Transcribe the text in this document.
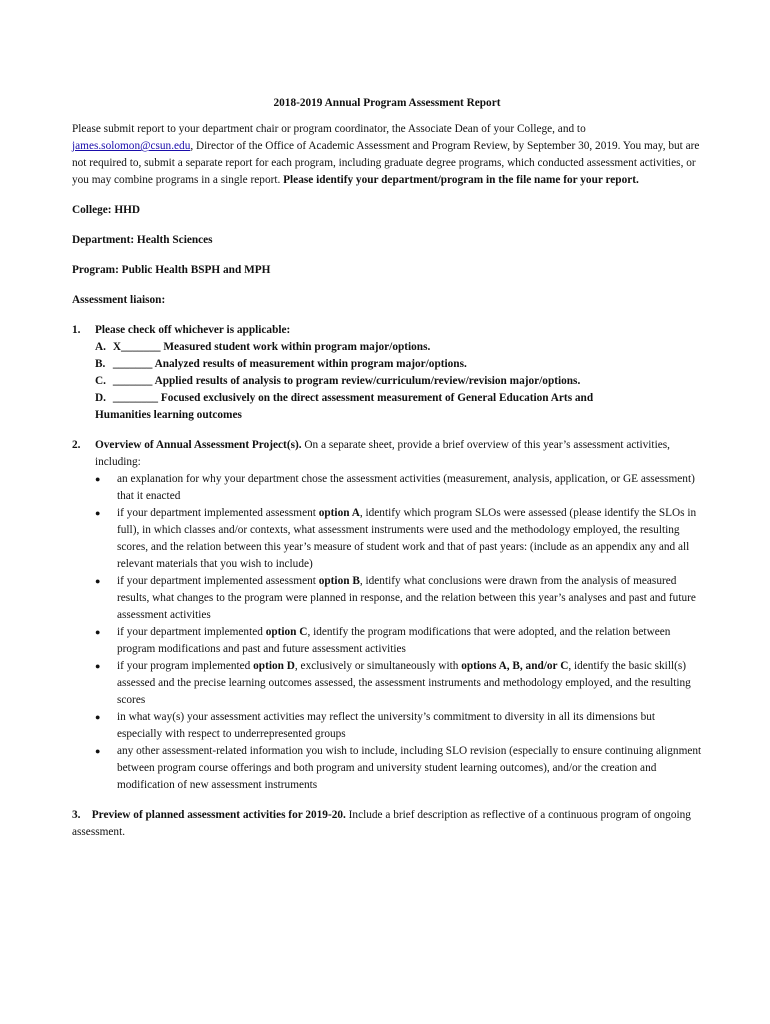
2018-2019 Annual Program Assessment Report

Please submit report to your department chair or program coordinator, the Associate Dean of your College, and to james.solomon@csun.edu, Director of the Office of Academic Assessment and Program Review, by September 30, 2019. You may, but are not required to, submit a separate report for each program, including graduate degree programs, which conducted assessment activities, or you may combine programs in a single report. Please identify your department/program in the file name for your report.

College: HHD

Department: Health Sciences

Program: Public Health BSPH and MPH

Assessment liaison:

1.	Please check off whichever is applicable:
A. X_______ Measured student work within program major/options.
B. _______ Analyzed results of measurement within program major/options.
C. _______ Applied results of analysis to program review/curriculum/review/revision major/options.
D. ________ Focused exclusively on the direct assessment measurement of General Education Arts and
Humanities learning outcomes
2.	Overview of Annual Assessment Project(s). On a separate sheet, provide a brief overview of this year’s assessment activities, including:

●	an explanation for why your department chose the assessment activities (measurement, analysis, application, or GE assessment) that it enacted
●	if your department implemented assessment option A, identify which program SLOs were assessed (please identify the SLOs in full), in which classes and/or contexts, what assessment instruments were used and the methodology employed, the resulting scores, and the relation between this year’s measure of student work and that of past years: (include as an appendix any and all relevant materials that you wish to include)
●	if your department implemented assessment option B, identify what conclusions were drawn from the analysis of measured results, what changes to the program were planned in response, and the relation between this year’s analyses and past and future assessment activities
●	if your department implemented option C, identify the program modifications that were adopted, and the relation between program modifications and past and future assessment activities
●	if your program implemented option D, exclusively or simultaneously with options A, B, and/or C, identify the basic skill(s) assessed and the precise learning outcomes assessed, the assessment instruments and methodology employed, and the resulting scores
●	in what way(s) your assessment activities may reflect the university’s commitment to diversity in all its dimensions but especially with respect to underrepresented groups
●	any other assessment-related information you wish to include, including SLO revision (especially to ensure continuing alignment between program course offerings and both program and university student learning outcomes), and/or the creation and modification of new assessment instruments

3. Preview of planned assessment activities for 2019-20. Include a brief description as reflective of a continuous program of ongoing assessment.
